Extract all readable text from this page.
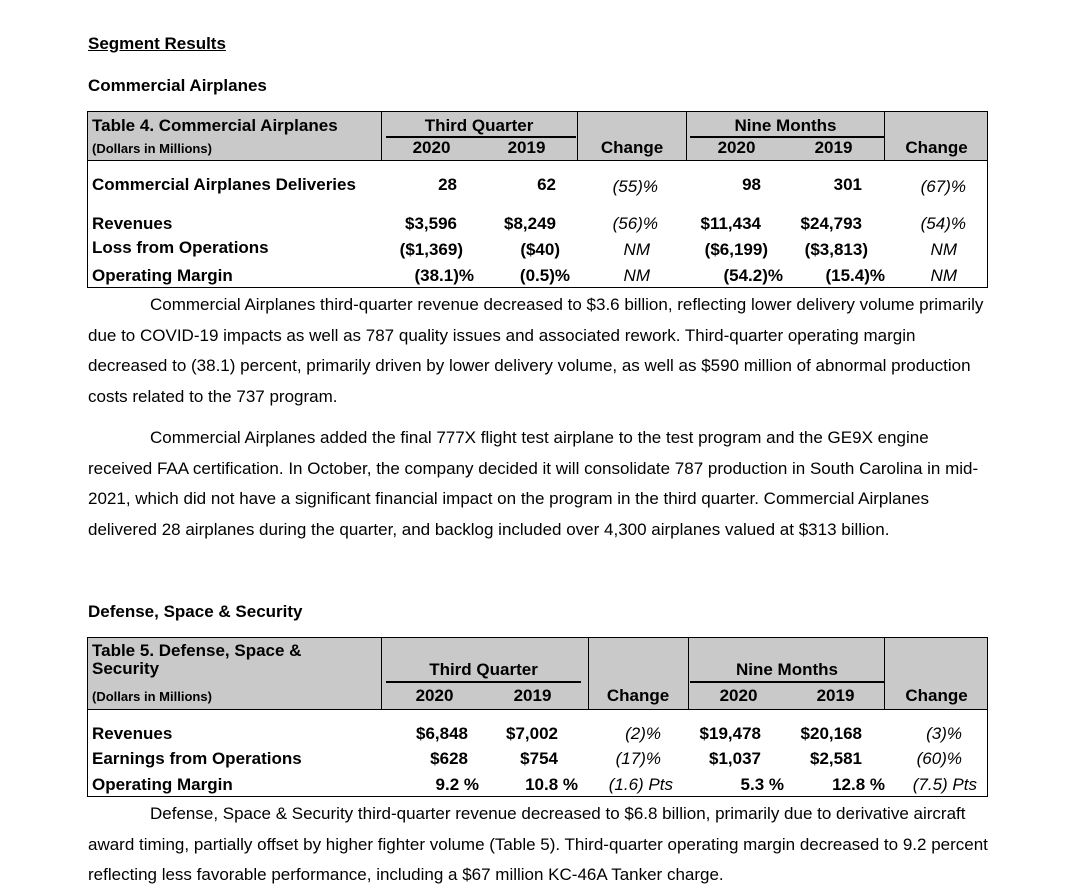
Segment Results
Commercial Airplanes
Table 4. Commercial Airplanes
(Dollars in Millions)
Third Quarter
2020	2019	Change
Nine Months
2020	2019	Change
Commercial Airplanes Deliveries	28	62	(55)%	98	301	(67)%
Revenues	$3,596	$8,249	(56)%	$11,434	$24,793	(54)%
Loss from Operations	($1,369)	($40)	NM	($6,199)	($3,813)	NM
Operating Margin	(38.1)%	(0.5)%	NM	(54.2)%	(15.4)%	NM
Commercial Airplanes third-quarter revenue decreased to $3.6 billion, reflecting lower delivery volume primarily due to COVID-19 impacts as well as 787 quality issues and associated rework. Third-quarter operating margin decreased to (38.1) percent, primarily driven by lower delivery volume, as well as $590 million of abnormal production costs related to the 737 program.
Commercial Airplanes added the final 777X flight test airplane to the test program and the GE9X engine received FAA certification. In October, the company decided it will consolidate 787 production in South Carolina in mid-2021, which did not have a significant financial impact on the program in the third quarter. Commercial Airplanes delivered 28 airplanes during the quarter, and backlog included over 4,300 airplanes valued at $313 billion.
Defense, Space & Security
Table 5. Defense, Space &
Security
(Dollars in Millions)
Third Quarter
2020	2019	Change
Nine Months
2020	2019	Change
Revenues	$6,848	$7,002	(2)%	$19,478	$20,168	(3)%
Earnings from Operations	$628	$754	(17)%	$1,037	$2,581	(60)%
Operating Margin	9.2 %	10.8 %	(1.6) Pts	5.3 %	12.8 %	(7.5) Pts
Defense, Space & Security third-quarter revenue decreased to $6.8 billion, primarily due to derivative aircraft award timing, partially offset by higher fighter volume (Table 5). Third-quarter operating margin decreased to 9.2 percent reflecting less favorable performance, including a $67 million KC-46A Tanker charge.
